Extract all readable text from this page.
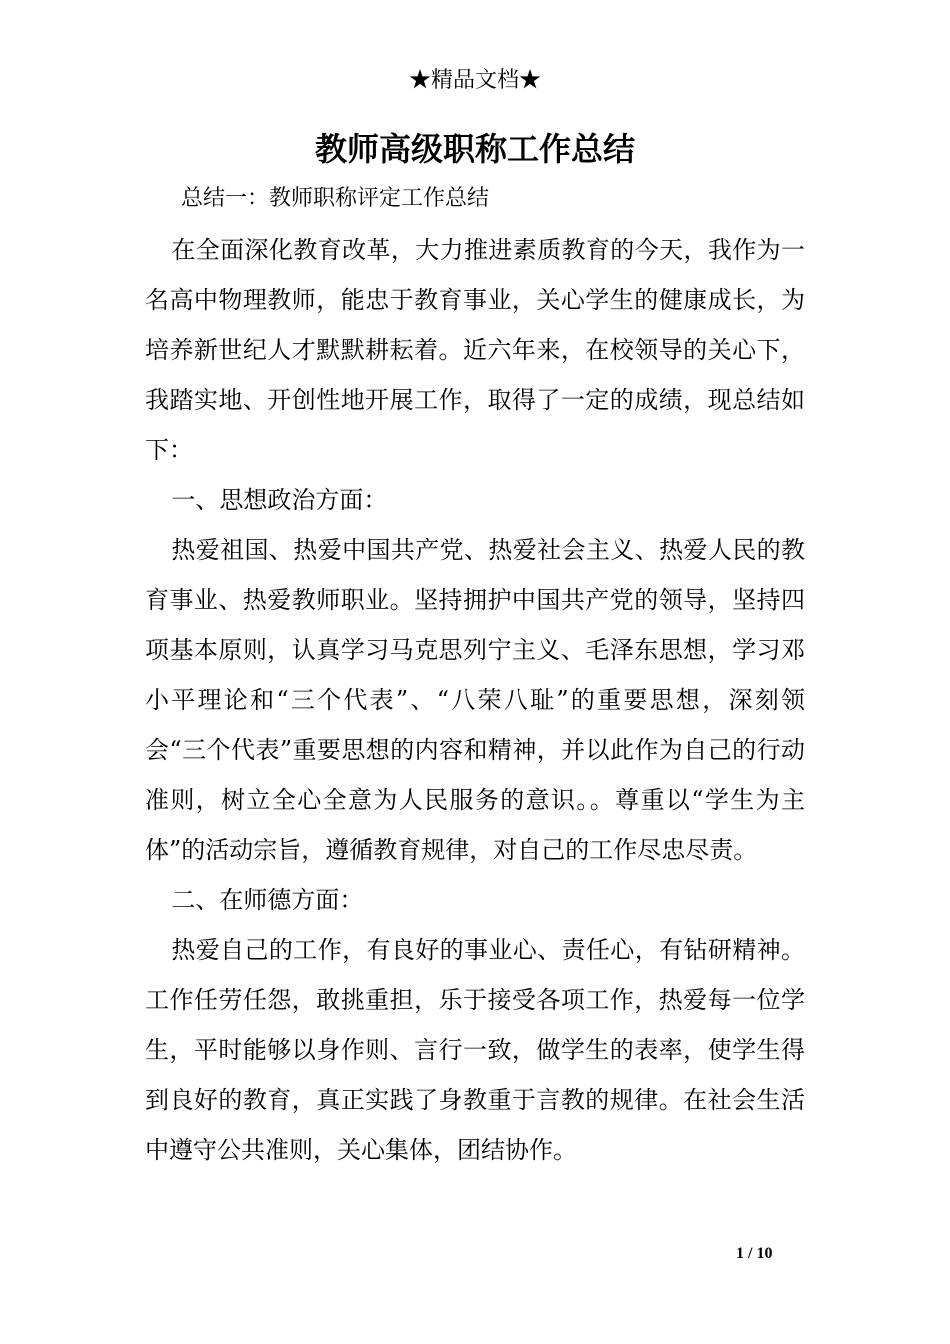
★精品文档★
教师高级职称工作总结
总结一：教师职称评定工作总结

在全面深化教育改革，大力推进素质教育的今天，我作为一名高中物理教师，能忠于教育事业，关心学生的健康成长，为培养新世纪人才默默耕耘着。近六年来，在校领导的关心下，我踏实地、开创性地开展工作，取得了一定的成绩，现总结如下：

一、思想政治方面：

热爱祖国、热爱中国共产党、热爱社会主义、热爱人民的教育事业、热爱教师职业。坚持拥护中国共产党的领导，坚持四项基本原则，认真学习马克思列宁主义、毛泽东思想，学习邓小平理论和“三个代表”、“八荣八耻”的重要思想，深刻领会“三个代表”重要思想的内容和精神，并以此作为自己的行动准则，树立全心全意为人民服务的意识。。尊重以“学生为主体”的活动宗旨，遵循教育规律，对自己的工作尽忠尽责。

二、在师德方面：

热爱自己的工作，有良好的事业心、责任心，有钻研精神。工作任劳任怨，敢挑重担，乐于接受各项工作，热爱每一位学生，平时能够以身作则、言行一致，做学生的表率，使学生得到良好的教育，真正实践了身教重于言教的规律。在社会生活中遵守公共准则，关心集体，团结协作。

1 / 10
